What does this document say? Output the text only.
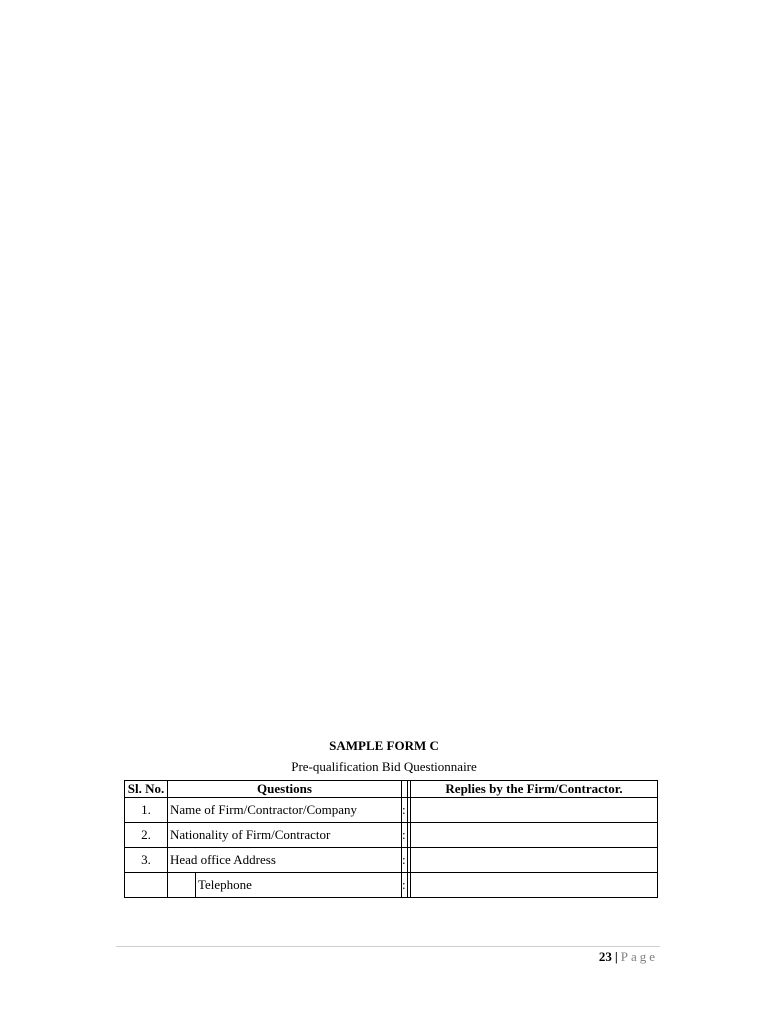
SAMPLE FORM C
Pre-qualification Bid Questionnaire
Sl. No.	Questions				Replies by the Firm/Contractor.
1.	Name of Firm/Contractor/Company		:		
2.	Nationality of Firm/Contractor		:		
3.	Head office Address		:		
		Telephone	:		
23 | Page
